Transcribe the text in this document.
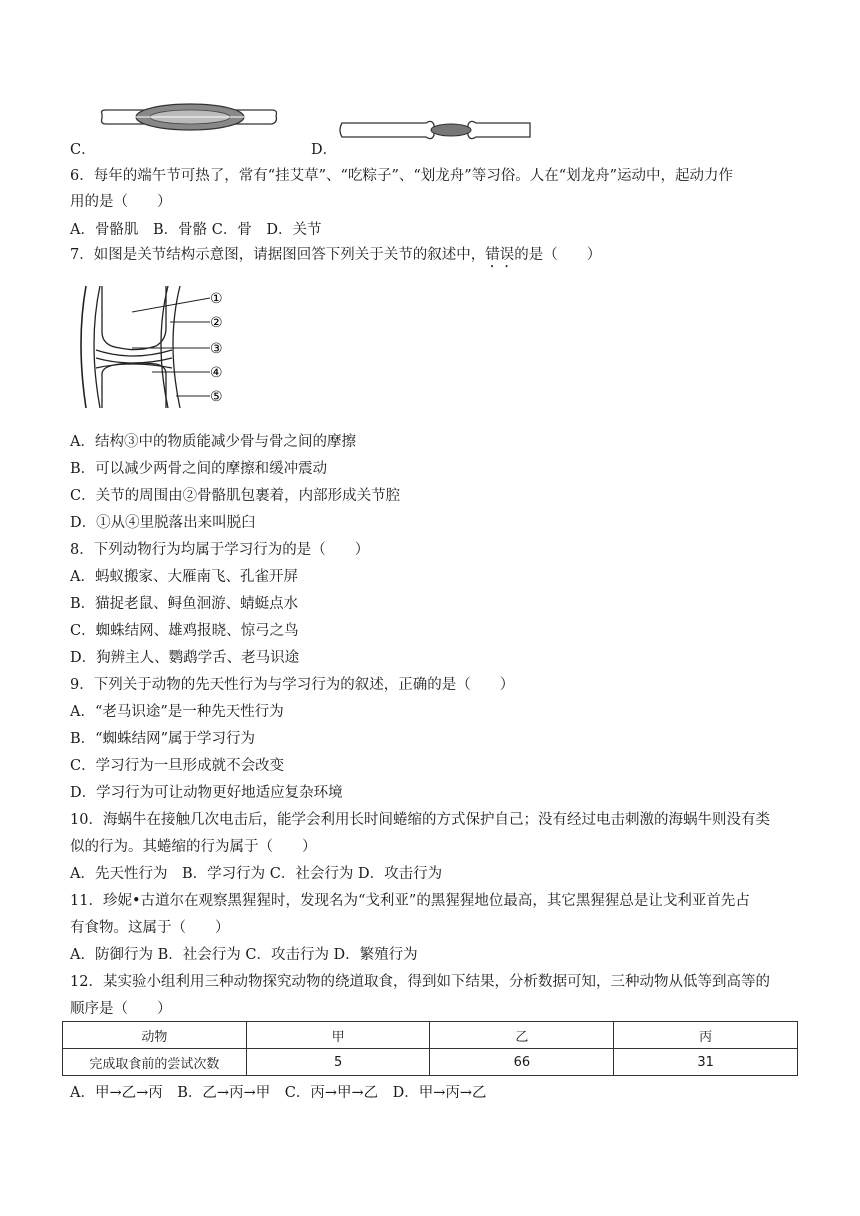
C．	D．
6．每年的端午节可热了，常有“挂艾草”、“吃粽子”、“划龙舟”等习俗。人在“划龙舟”运动中，起动力作
用的是（　　）
A．骨骼肌　B．骨骼 C．骨　D．关节
7．如图是关节结构示意图，请据图回答下列关于关节的叙述中，错误的是（　　）
①
②
③
④
⑤
A．结构③中的物质能减少骨与骨之间的摩擦
B．可以减少两骨之间的摩擦和缓冲震动
C．关节的周围由②骨骼肌包裹着，内部形成关节腔
D．①从④里脱落出来叫脱臼
8．下列动物行为均属于学习行为的是（　　）
A．蚂蚁搬家、大雁南飞、孔雀开屏
B．猫捉老鼠、鲟鱼洄游、蜻蜓点水
C．蜘蛛结网、雄鸡报晓、惊弓之鸟
D．狗辨主人、鹦鹉学舌、老马识途
9．下列关于动物的先天性行为与学习行为的叙述，正确的是（　　）
A．“老马识途”是一种先天性行为
B．“蜘蛛结网”属于学习行为
C．学习行为一旦形成就不会改变
D．学习行为可让动物更好地适应复杂环境
10．海蜗牛在接触几次电击后，能学会利用长时间蜷缩的方式保护自己；没有经过电击刺激的海蜗牛则没有类
似的行为。其蜷缩的行为属于（　　）
A．先天性行为　B．学习行为 C．社会行为 D．攻击行为
11．珍妮•古道尔在观察黑猩猩时，发现名为“戈利亚”的黑猩猩地位最高，其它黑猩猩总是让戈利亚首先占
有食物。这属于（　　）
A．防御行为 B．社会行为 C．攻击行为 D．繁殖行为
12．某实验小组利用三种动物探究动物的绕道取食，得到如下结果，分析数据可知，三种动物从低等到高等的
顺序是（　　）
动物	甲	乙	丙
完成取食前的尝试次数	5	66	31
A．甲→乙→丙　B．乙→丙→甲　C．丙→甲→乙　D．甲→丙→乙
